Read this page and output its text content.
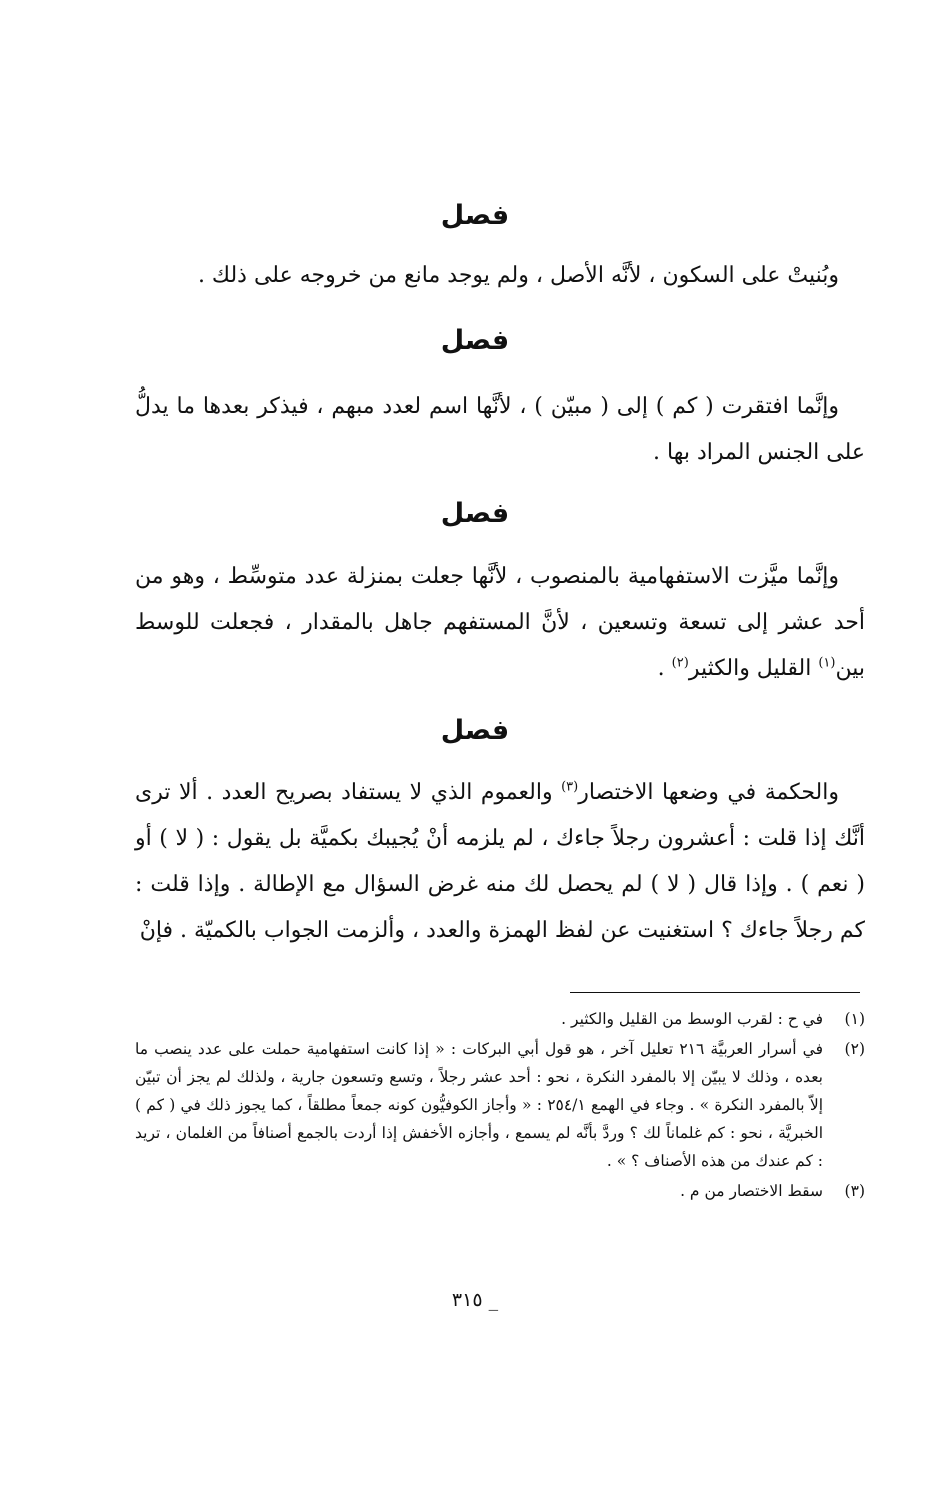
فصل

وبُنيتْ على السكون ، لأنَّه الأصل ، ولم يوجد مانع من خروجه على ذلك .

فصل

وإنَّما افتقرت ( كم ) إلى ( مبيّن ) ، لأنَّها اسم لعدد مبهم ، فيذكر بعدها ما يدلُّ على الجنس المراد بها .

فصل

وإنَّما ميَّزت الاستفهامية بالمنصوب ، لأنَّها جعلت بمنزلة عدد متوسِّط ، وهو من أحد عشر إلى تسعة وتسعين ، لأنَّ المستفهم جاهل بالمقدار ، فجعلت للوسط بين$^{(١)}$ القليل والكثير$^{(٢)}$ .

فصل

والحكمة في وضعها الاختصار$^{(٣)}$ والعموم الذي لا يستفاد بصريح العدد . ألا ترى أنَّك إذا قلت : أعشرون رجلاً جاءك ، لم يلزمه أنْ يُجيبك بكميَّة بل يقول : ( لا ) أو ( نعم ) . وإذا قال ( لا ) لم يحصل لك منه غرض السؤال مع الإطالة . وإذا قلت : كم رجلاً جاءك ؟ استغنيت عن لفظ الهمزة والعدد ، وألزمت الجواب بالكميّة . فإنْ

(١)
في ح : لقرب الوسط من القليل والكثير .
(٢)
في أسرار العربيَّة ٢١٦ تعليل آخر ، هو قول أبي البركات : « إذا كانت استفهامية حملت على عدد ينصب ما بعده ، وذلك لا يبيّن إلا بالمفرد النكرة ، نحو : أحد عشر رجلاً ، وتسع وتسعون جارية ، ولذلك لم يجز أن تبيّن إلاّ بالمفرد النكرة » . وجاء في الهمع ٢٥٤/١ : « وأجاز الكوفيُّون كونه جمعاً مطلقاً ، كما يجوز ذلك في ( كم ) الخبريَّة ، نحو : كم غلماناً لك ؟ وردَّ بأنَّه لم يسمع ، وأجازه الأخفش إذا أردت بالجمع أصنافاً من الغلمان ، تريد : كم عندك من هذه الأصناف ؟ » .
(٣)
سقط الاختصار من م .
_ ٣١٥
